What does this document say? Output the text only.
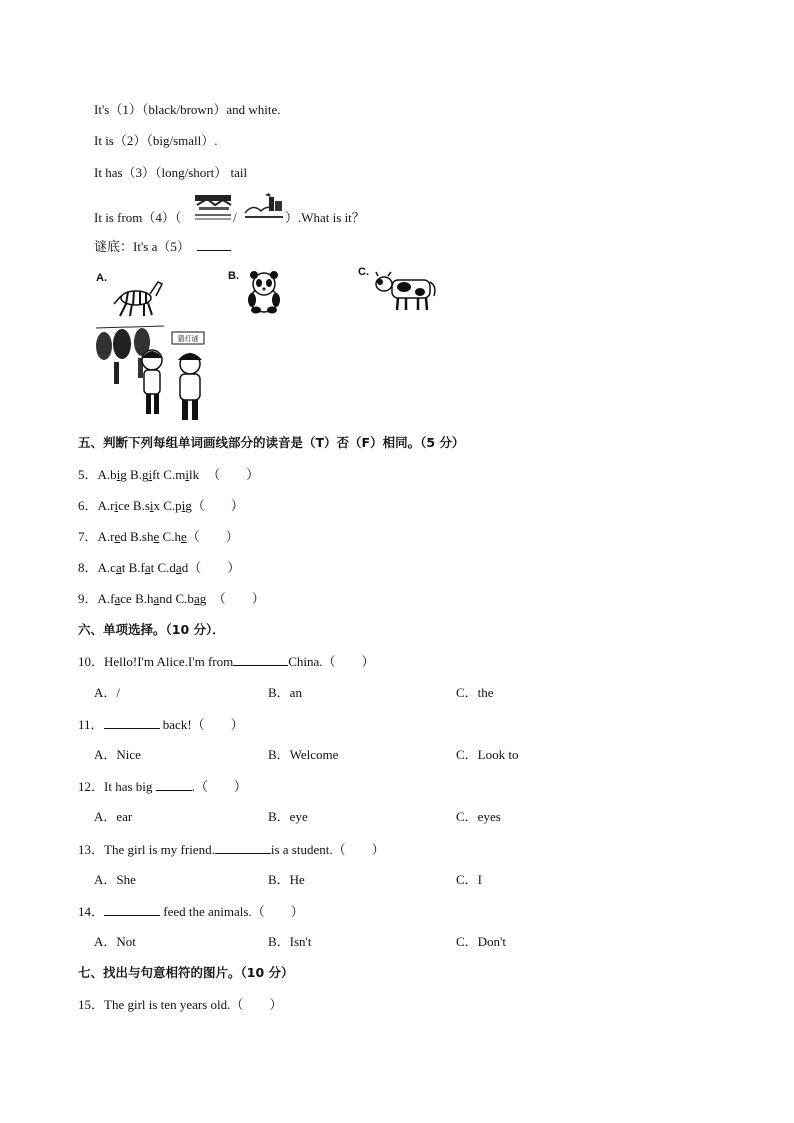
It's（1）（black/brown）and white.
It is（2）（big/small）.
It has（3）（long/short） tail
It is from（4）（	/	）.What is it？
谜底：It's a（5）
A.	B.	C.
猜灯谜
五、判断下列每组单词画线部分的读音是（T）否（F）相同。（5 分）
5．A.big B.gift C.milk （　　）
6．A.rice B.six C.pig（　　）
7．A.red B.she C.he（　　）
8．A.cat B.fat C.dad（　　）
9．A.face B.hand C.bag　（　　）
六、单项选择。（10 分）．
10．Hello!I'm Alice.I'm from	China.（　　）
A．/	B．an	C．the
11．	back!（　　）
A．Nice	B．Welcome	C．Look to
12．It has big	.（　　）
A．ear	B．eye	C．eyes
13．The girl is my friend.	is a student.（　　）
A．She	B．He	C．I
14．	feed the animals.（　　）
A．Not	B．Isn't	C．Don't
七、找出与句意相符的图片。（10 分）
15．The girl is ten years old.（　　）
